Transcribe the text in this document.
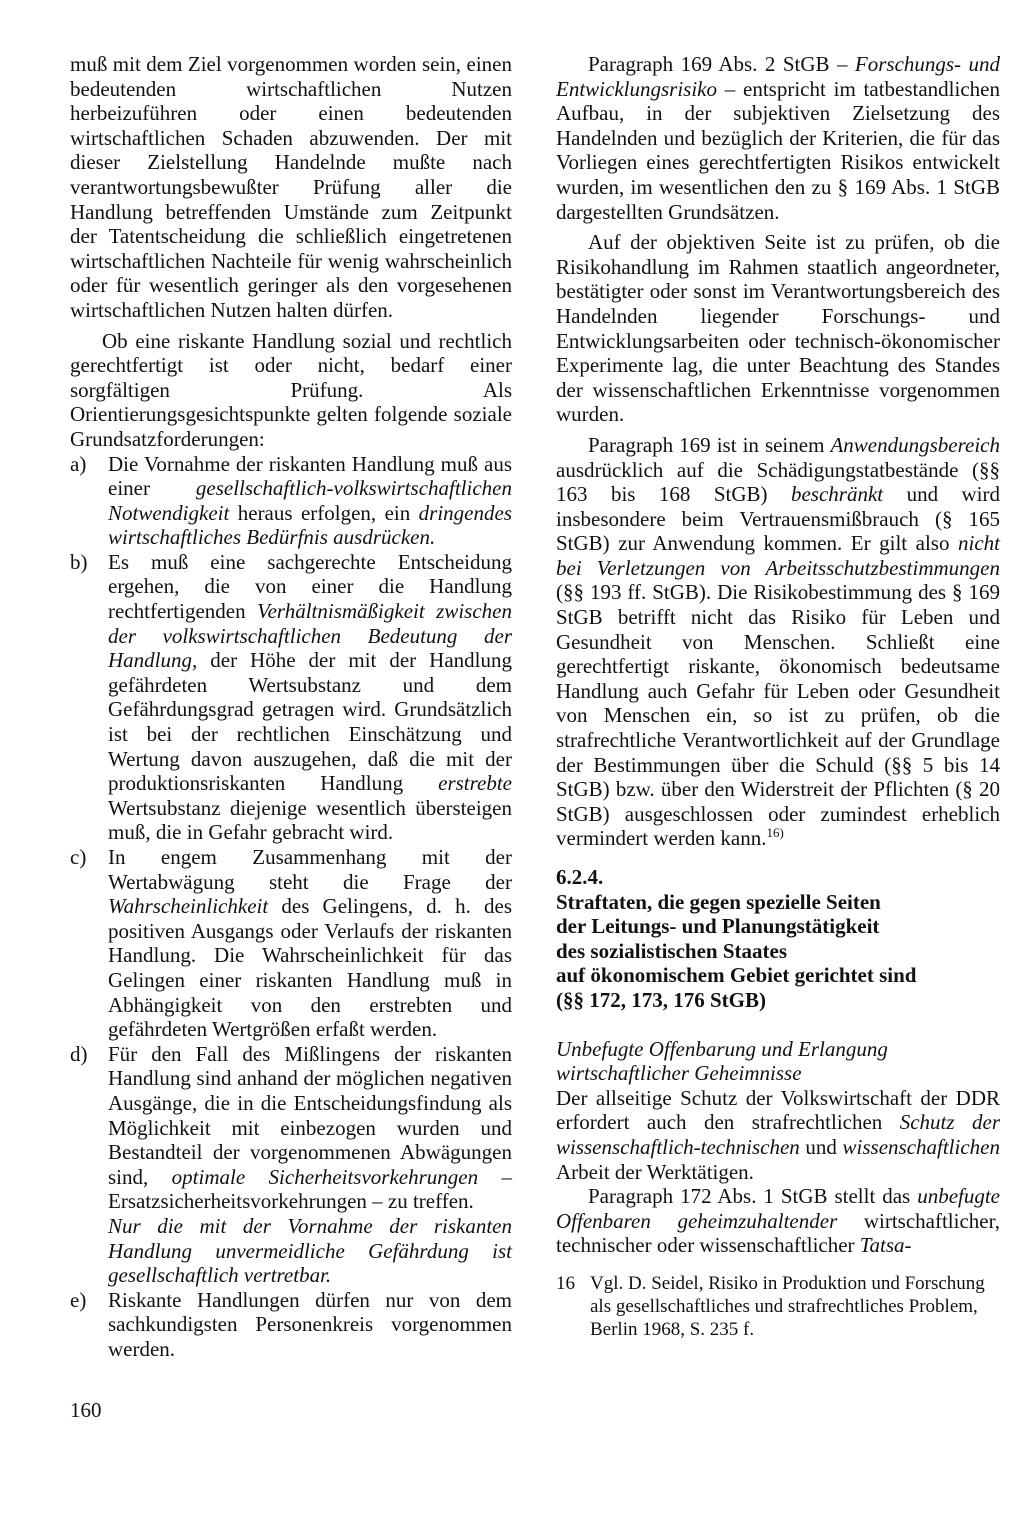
muß mit dem Ziel vorgenommen worden sein, einen bedeutenden wirtschaftlichen Nutzen herbeizuführen oder einen bedeutenden wirtschaftlichen Schaden abzuwenden. Der mit dieser Zielstellung Handelnde mußte nach verantwortungsbewußter Prüfung aller die Handlung betreffenden Umstände zum Zeitpunkt der Tatentscheidung die schließlich eingetretenen wirtschaftlichen Nachteile für wenig wahrscheinlich oder für wesentlich geringer als den vorgesehenen wirtschaftlichen Nutzen halten dürfen.

Ob eine riskante Handlung sozial und rechtlich gerechtfertigt ist oder nicht, bedarf einer sorgfältigen Prüfung. Als Orientierungsgesichtspunkte gelten folgende soziale Grundsatzforderungen:

a) Die Vornahme der riskanten Handlung muß aus einer gesellschaftlich-volkswirtschaftlichen Notwendigkeit heraus erfolgen, ein dringendes wirtschaftliches Bedürfnis ausdrücken.
b) Es muß eine sachgerechte Entscheidung ergehen, die von einer die Handlung rechtfertigenden Verhältnismäßigkeit zwischen der volkswirtschaftlichen Bedeutung der Handlung, der Höhe der mit der Handlung gefährdeten Wertsubstanz und dem Gefährdungsgrad getragen wird. Grundsätzlich ist bei der rechtlichen Einschätzung und Wertung davon auszugehen, daß die mit der produktionsriskanten Handlung erstrebte Wertsubstanz diejenige wesentlich übersteigen muß, die in Gefahr gebracht wird.
c) In engem Zusammenhang mit der Wertabwägung steht die Frage der Wahrscheinlichkeit des Gelingens, d. h. des positiven Ausgangs oder Verlaufs der riskanten Handlung. Die Wahrscheinlichkeit für das Gelingen einer riskanten Handlung muß in Abhängigkeit von den erstrebten und gefährdeten Wertgrößen erfaßt werden.
d) Für den Fall des Mißlingens der riskanten Handlung sind anhand der möglichen negativen Ausgänge, die in die Entscheidungsfindung als Möglichkeit mit einbezogen wurden und Bestandteil der vorgenommenen Abwägungen sind, optimale Sicherheitsvorkehrungen – Ersatzsicherheitsvorkehrungen – zu treffen.
Nur die mit der Vornahme der riskanten Handlung unvermeidliche Gefährdung ist gesellschaftlich vertretbar.
e) Riskante Handlungen dürfen nur von dem sachkundigsten Personenkreis vorgenommen werden.

Paragraph 169 Abs. 2 StGB – Forschungs- und Entwicklungsrisiko – entspricht im tatbestandlichen Aufbau, in der subjektiven Zielsetzung des Handelnden und bezüglich der Kriterien, die für das Vorliegen eines gerechtfertigten Risikos entwickelt wurden, im wesentlichen den zu § 169 Abs. 1 StGB dargestellten Grundsätzen.

Auf der objektiven Seite ist zu prüfen, ob die Risikohandlung im Rahmen staatlich angeordneter, bestätigter oder sonst im Verantwortungsbereich des Handelnden liegender Forschungs- und Entwicklungsarbeiten oder technisch-ökonomischer Experimente lag, die unter Beachtung des Standes der wissenschaftlichen Erkenntnisse vorgenommen wurden.

Paragraph 169 ist in seinem Anwendungsbereich ausdrücklich auf die Schädigungstatbestände (§§ 163 bis 168 StGB) beschränkt und wird insbesondere beim Vertrauensmißbrauch (§ 165 StGB) zur Anwendung kommen. Er gilt also nicht bei Verletzungen von Arbeitsschutzbestimmungen (§§ 193 ff. StGB). Die Risikobestimmung des § 169 StGB betrifft nicht das Risiko für Leben und Gesundheit von Menschen. Schließt eine gerechtfertigt riskante, ökonomisch bedeutsame Handlung auch Gefahr für Leben oder Gesundheit von Menschen ein, so ist zu prüfen, ob die strafrechtliche Verantwortlichkeit auf der Grundlage der Bestimmungen über die Schuld (§§ 5 bis 14 StGB) bzw. über den Widerstreit der Pflichten (§ 20 StGB) ausgeschlossen oder zumindest erheblich vermindert werden kann.$^{16)}$

6.2.4.
Straftaten, die gegen spezielle Seiten
der Leitungs- und Planungstätigkeit
des sozialistischen Staates
auf ökonomischem Gebiet gerichtet sind
(§§ 172, 173, 176 StGB)

Unbefugte Offenbarung und Erlangung
wirtschaftlicher Geheimnisse

Der allseitige Schutz der Volkswirtschaft der DDR erfordert auch den strafrechtlichen Schutz der wissenschaftlich-technischen und wissenschaftlichen Arbeit der Werktätigen.

Paragraph 172 Abs. 1 StGB stellt das unbefugte Offenbaren geheimzuhaltender wirtschaftlicher, technischer oder wissenschaftlicher Tatsa-

16 Vgl. D. Seidel, Risiko in Produktion und Forschung als gesellschaftliches und strafrechtliches Problem, Berlin 1968, S. 235 f.
160
